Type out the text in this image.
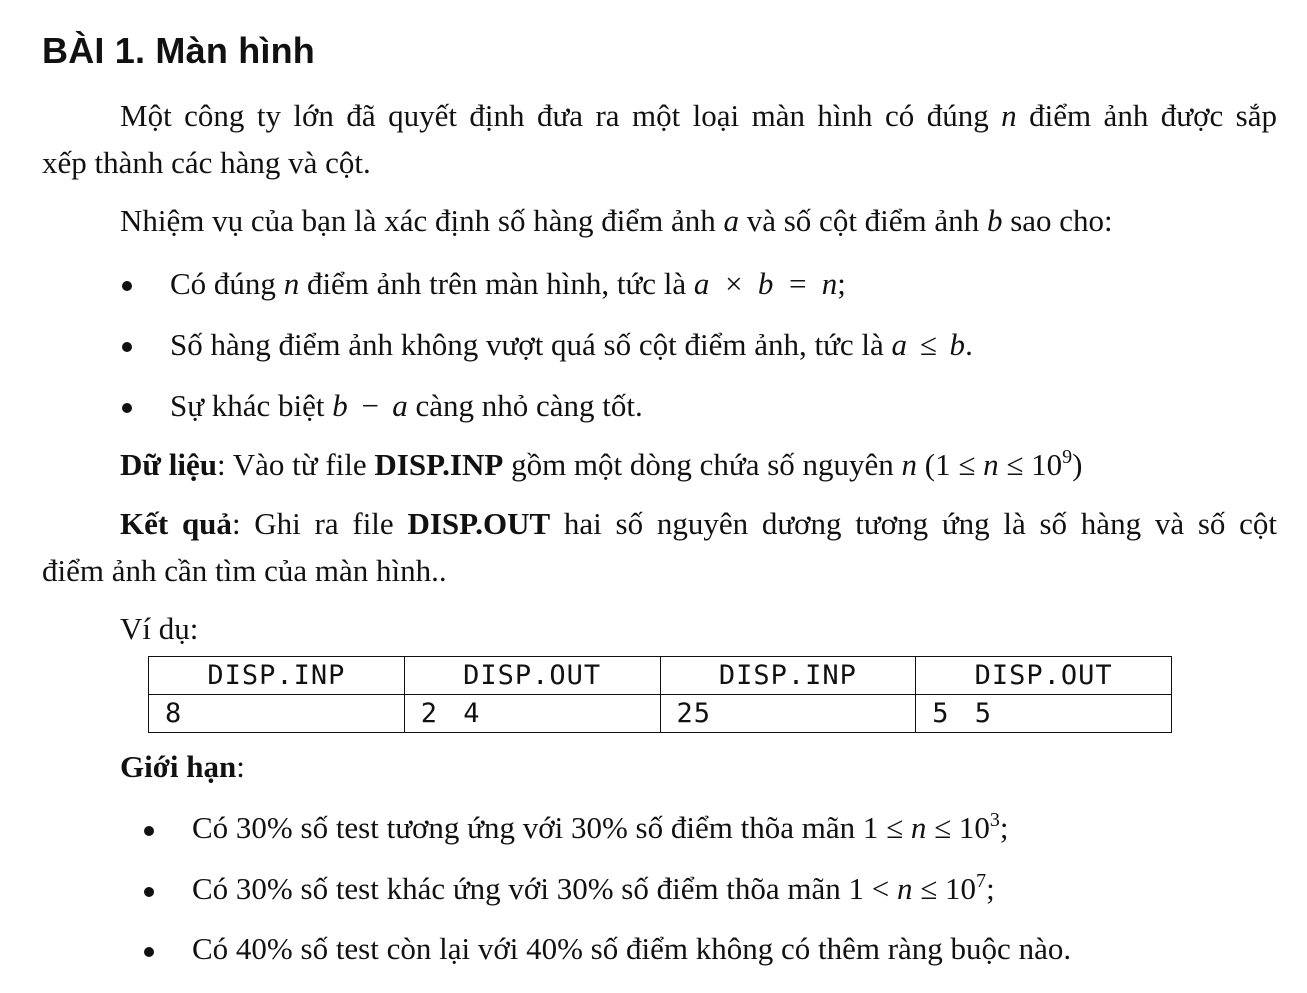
BÀI 1. Màn hình
Một công ty lớn đã quyết định đưa ra một loại màn hình có đúng n điểm ảnh được sắp
xếp thành các hàng và cột.
Nhiệm vụ của bạn là xác định số hàng điểm ảnh a và số cột điểm ảnh b sao cho:
Có đúng n điểm ảnh trên màn hình, tức là a × b = n;
Số hàng điểm ảnh không vượt quá số cột điểm ảnh, tức là a ≤ b.
Sự khác biệt b − a càng nhỏ càng tốt.
Dữ liệu: Vào từ file DISP.INP gồm một dòng chứa số nguyên n $(1 \le n \le 10^9)$
Kết quả: Ghi ra file DISP.OUT hai số nguyên dương tương ứng là số hàng và số cột
điểm ảnh cần tìm của màn hình..
Ví dụ:
DISP.INP	DISP.OUT	DISP.INP	DISP.OUT
8	2 4	25	5 5
Giới hạn:
Có 30% số test tương ứng với 30% số điểm thõa mãn $1 \le n \le 10^3$;
Có 30% số test khác ứng với 30% số điểm thõa mãn $1 < n \le 10^7$;
Có 40% số test còn lại với 40% số điểm không có thêm ràng buộc nào.
